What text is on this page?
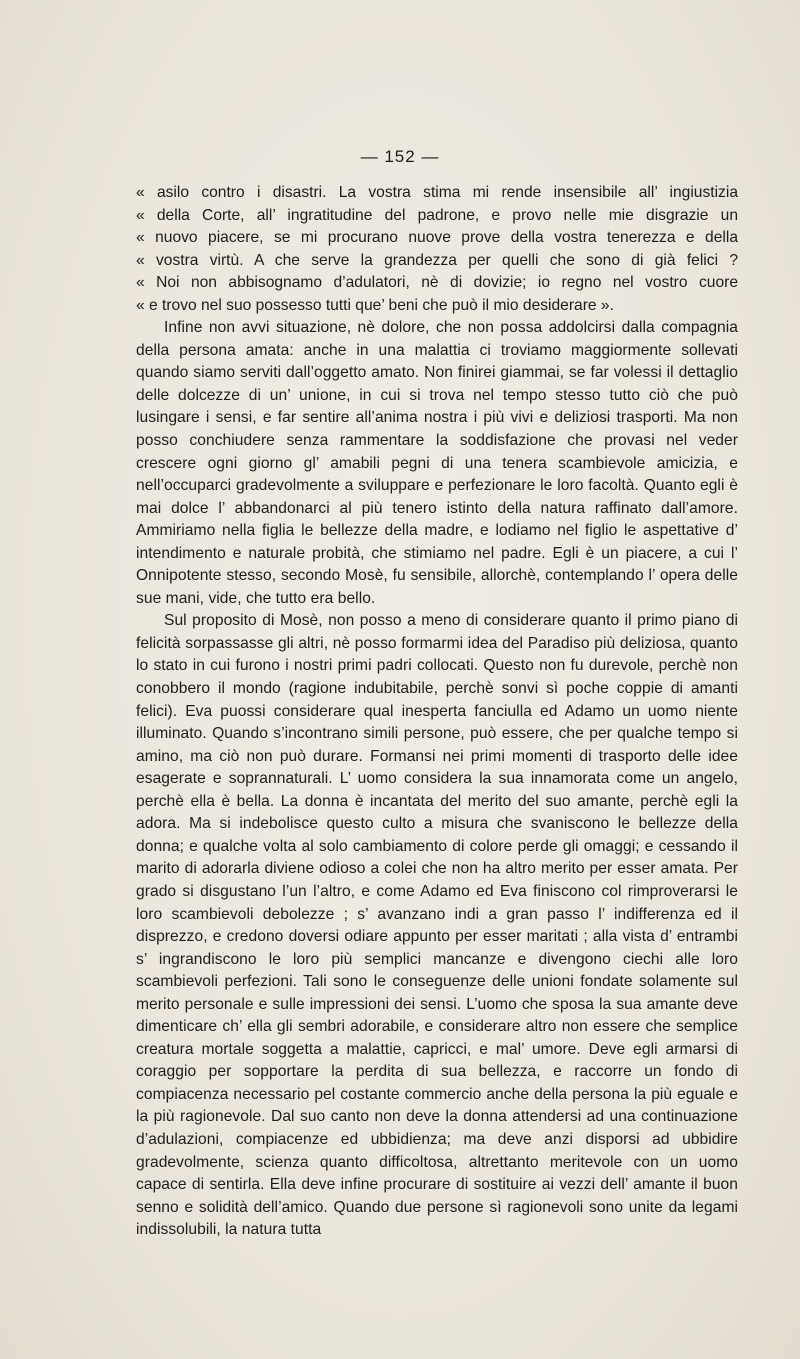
— 152 —
« asilo contro i disastri. La vostra stima mi rende insensibile all’ ingiustizia
« della Corte, all’ ingratitudine del padrone, e provo nelle mie disgrazie un
« nuovo piacere, se mi procurano nuove prove della vostra tenerezza e della
« vostra virtù. A che serve la grandezza per quelli che sono di già felici ?
« Noi non abbisognamo d’adulatori, nè di dovizie; io regno nel vostro cuore
« e trovo nel suo possesso tutti que’ beni che può il mio desiderare ».

Infine non avvi situazione, nè dolore, che non possa addolcirsi dalla compagnia della persona amata: anche in una malattia ci troviamo maggiormente sollevati quando siamo serviti dall’oggetto amato. Non finirei giammai, se far volessi il dettaglio delle dolcezze di un’ unione, in cui si trova nel tempo stesso tutto ciò che può lusingare i sensi, e far sentire all’anima nostra i più vivi e deliziosi trasporti. Ma non posso conchiudere senza rammentare la soddisfazione che provasi nel veder crescere ogni giorno gl’ amabili pegni di una tenera scambievole amicizia, e nell’occuparci gradevolmente a sviluppare e perfezionare le loro facoltà. Quanto egli è mai dolce l’ abbandonarci al più tenero istinto della natura raffinato dall’amore. Ammiriamo nella figlia le bellezze della madre, e lodiamo nel figlio le aspettative d’ intendimento e naturale probità, che stimiamo nel padre. Egli è un piacere, a cui l’ Onnipotente stesso, secondo Mosè, fu sensibile, allorchè, contemplando l’ opera delle sue mani, vide, che tutto era bello.

Sul proposito di Mosè, non posso a meno di considerare quanto il primo piano di felicità sorpassasse gli altri, nè posso formarmi idea del Paradiso più deliziosa, quanto lo stato in cui furono i nostri primi padri collocati. Questo non fu durevole, perchè non conobbero il mondo (ragione indubitabile, perchè sonvi sì poche coppie di amanti felici). Eva puossi considerare qual inesperta fanciulla ed Adamo un uomo niente illuminato. Quando s’incontrano simili persone, può essere, che per qualche tempo si amino, ma ciò non può durare. Formansi nei primi momenti di trasporto delle idee esagerate e soprannaturali. L’ uomo considera la sua innamorata come un angelo, perchè ella è bella. La donna è incantata del merito del suo amante, perchè egli la adora. Ma si indebolisce questo culto a misura che svaniscono le bellezze della donna; e qualche volta al solo cambiamento di colore perde gli omaggi; e cessando il marito di adorarla diviene odioso a colei che non ha altro merito per esser amata. Per grado si disgustano l’un l’altro, e come Adamo ed Eva finiscono col rimproverarsi le loro scambievoli debolezze ; s’ avanzano indi a gran passo l’ indifferenza ed il disprezzo, e credono doversi odiare appunto per esser maritati ; alla vista d’ entrambi s’ ingrandiscono le loro più semplici mancanze e divengono ciechi alle loro scambievoli perfezioni. Tali sono le conseguenze delle unioni fondate solamente sul merito personale e sulle impressioni dei sensi. L’uomo che sposa la sua amante deve dimenticare ch’ ella gli sembri adorabile, e considerare altro non essere che semplice creatura mortale soggetta a malattie, capricci, e mal’ umore. Deve egli armarsi di coraggio per sopportare la perdita di sua bellezza, e raccorre un fondo di compiacenza necessario pel costante commercio anche della persona la più eguale e la più ragionevole. Dal suo canto non deve la donna attendersi ad una continuazione d’adulazioni, compiacenze ed ubbidienza; ma deve anzi disporsi ad ubbidire gradevolmente, scienza quanto difficoltosa, altrettanto meritevole con un uomo capace di sentirla. Ella deve infine procurare di sostituire ai vezzi dell’ amante il buon senno e solidità dell’amico. Quando due persone sì ragionevoli sono unite da legami indissolubili, la natura tutta
